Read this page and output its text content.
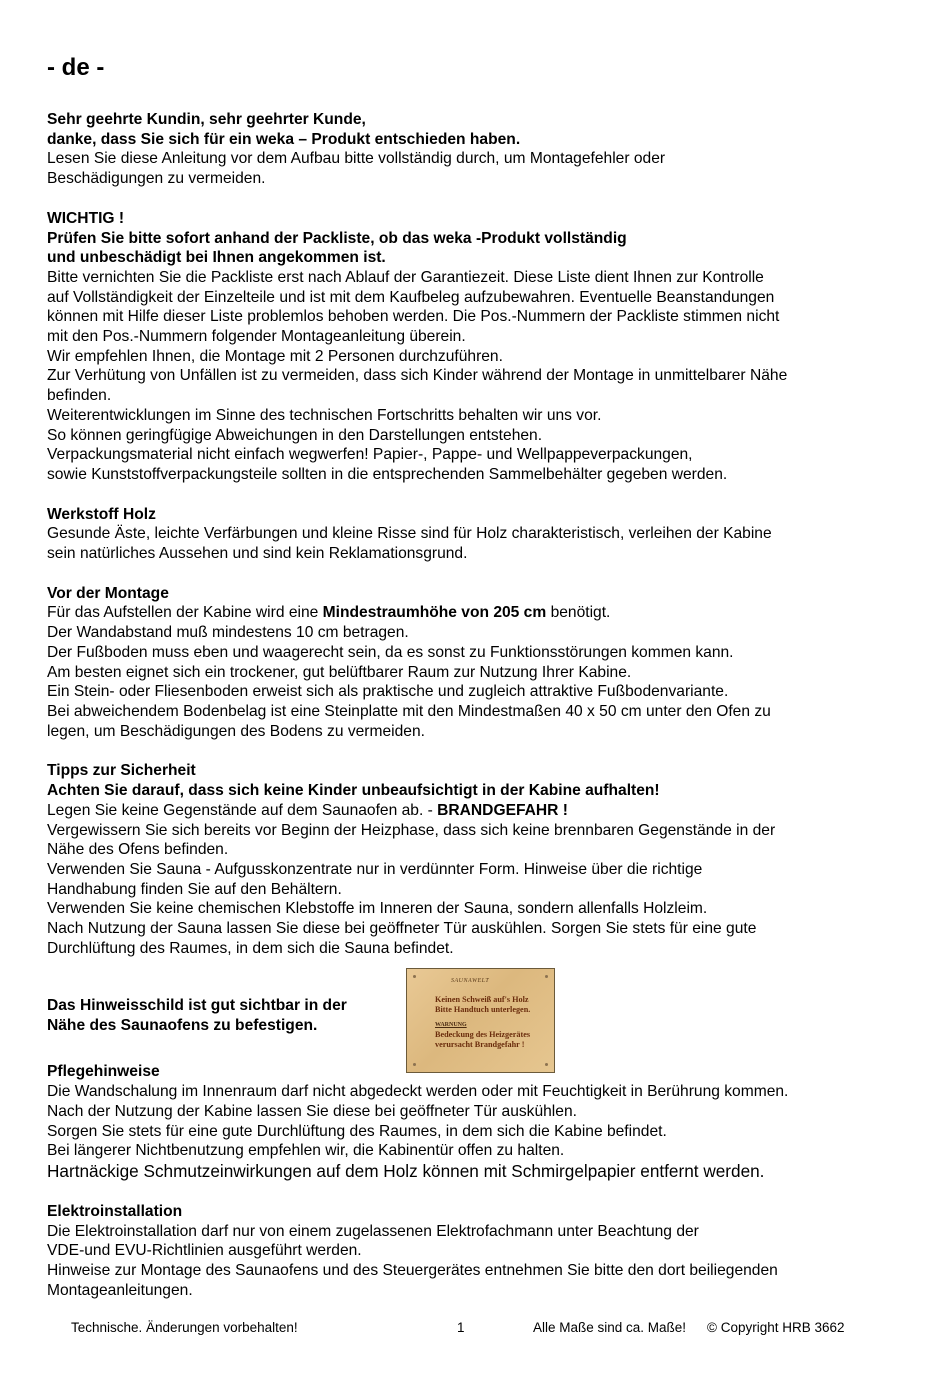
- de -
Sehr geehrte Kundin, sehr geehrter Kunde,
danke, dass Sie sich für ein weka – Produkt entschieden haben.
Lesen Sie diese Anleitung vor dem Aufbau bitte vollständig durch, um Montagefehler oder
Beschädigungen zu vermeiden.
WICHTIG !
Prüfen Sie bitte sofort anhand der Packliste, ob das weka -Produkt vollständig
und unbeschädigt bei Ihnen angekommen ist.
Bitte vernichten Sie die Packliste erst nach Ablauf der Garantiezeit. Diese Liste dient Ihnen zur Kontrolle
auf Vollständigkeit der Einzelteile und ist mit dem Kaufbeleg aufzubewahren. Eventuelle Beanstandungen
können mit Hilfe dieser Liste problemlos behoben werden. Die Pos.-Nummern der Packliste stimmen nicht
mit den Pos.-Nummern folgender Montageanleitung überein.
Wir empfehlen Ihnen, die Montage mit 2 Personen durchzuführen.
Zur Verhütung von Unfällen ist zu vermeiden, dass sich Kinder während der Montage in unmittelbarer Nähe
befinden.
Weiterentwicklungen im Sinne des technischen Fortschritts behalten wir uns vor.
So können geringfügige Abweichungen in den Darstellungen entstehen.
Verpackungsmaterial nicht einfach wegwerfen! Papier-, Pappe- und Wellpappeverpackungen,
sowie Kunststoffverpackungsteile sollten in die entsprechenden Sammelbehälter gegeben werden.
Werkstoff Holz
Gesunde Äste, leichte Verfärbungen und kleine Risse sind für Holz charakteristisch, verleihen der Kabine
sein natürliches Aussehen und sind kein Reklamationsgrund.
Vor der Montage
Für das Aufstellen der Kabine wird eine Mindestraumhöhe von 205 cm benötigt.
Der Wandabstand muß mindestens 10 cm betragen.
Der Fußboden muss eben und waagerecht sein, da es sonst zu Funktionsstörungen kommen kann.
Am besten eignet sich ein trockener, gut belüftbarer Raum zur Nutzung Ihrer Kabine.
Ein Stein- oder Fliesenboden erweist sich als praktische und zugleich attraktive Fußbodenvariante.
Bei abweichendem Bodenbelag ist eine Steinplatte mit den Mindestmaßen 40 x 50 cm unter den Ofen zu
legen, um Beschädigungen des Bodens zu vermeiden.
Tipps zur Sicherheit
Achten Sie darauf, dass sich keine Kinder unbeaufsichtigt in der Kabine aufhalten!
Legen Sie keine Gegenstände auf dem Saunaofen ab. - BRANDGEFAHR !
Vergewissern Sie sich bereits vor Beginn der Heizphase, dass sich keine brennbaren Gegenstände in der
Nähe des Ofens befinden.
Verwenden Sie Sauna - Aufgusskonzentrate nur in verdünnter Form. Hinweise über die richtige
Handhabung finden Sie auf den Behältern.
Verwenden Sie keine chemischen Klebstoffe im Inneren der Sauna, sondern allenfalls Holzleim.
Nach Nutzung der Sauna lassen Sie diese bei geöffneter Tür auskühlen. Sorgen Sie stets für eine gute
Durchlüftung des Raumes, in dem sich die Sauna befindet.
Das Hinweisschild ist gut sichtbar in der
Nähe des Saunaofens zu befestigen.
SAUNAWELT
Keinen Schweiß auf's Holz
Bitte Handtuch unterlegen.
WARNUNG
Bedeckung des Heizgerätes
verursacht Brandgefahr !
Pflegehinweise
Die Wandschalung im Innenraum darf nicht abgedeckt werden oder mit Feuchtigkeit in Berührung kommen.
Nach der Nutzung der Kabine lassen Sie diese bei geöffneter Tür auskühlen.
Sorgen Sie stets für eine gute Durchlüftung des Raumes, in dem sich die Kabine befindet.
Bei längerer Nichtbenutzung empfehlen wir, die Kabinentür offen zu halten.
Hartnäckige Schmutzeinwirkungen auf dem Holz können mit Schmirgelpapier entfernt werden.
Elektroinstallation
Die Elektroinstallation darf nur von einem zugelassenen Elektrofachmann unter Beachtung der
VDE-und EVU-Richtlinien ausgeführt werden.
Hinweise zur Montage des Saunaofens und des Steuergerätes entnehmen Sie bitte den dort beiliegenden
Montageanleitungen.
Technische. Änderungen vorbehalten!	1	Alle Maße sind ca. Maße! © Copyright HRB 3662
